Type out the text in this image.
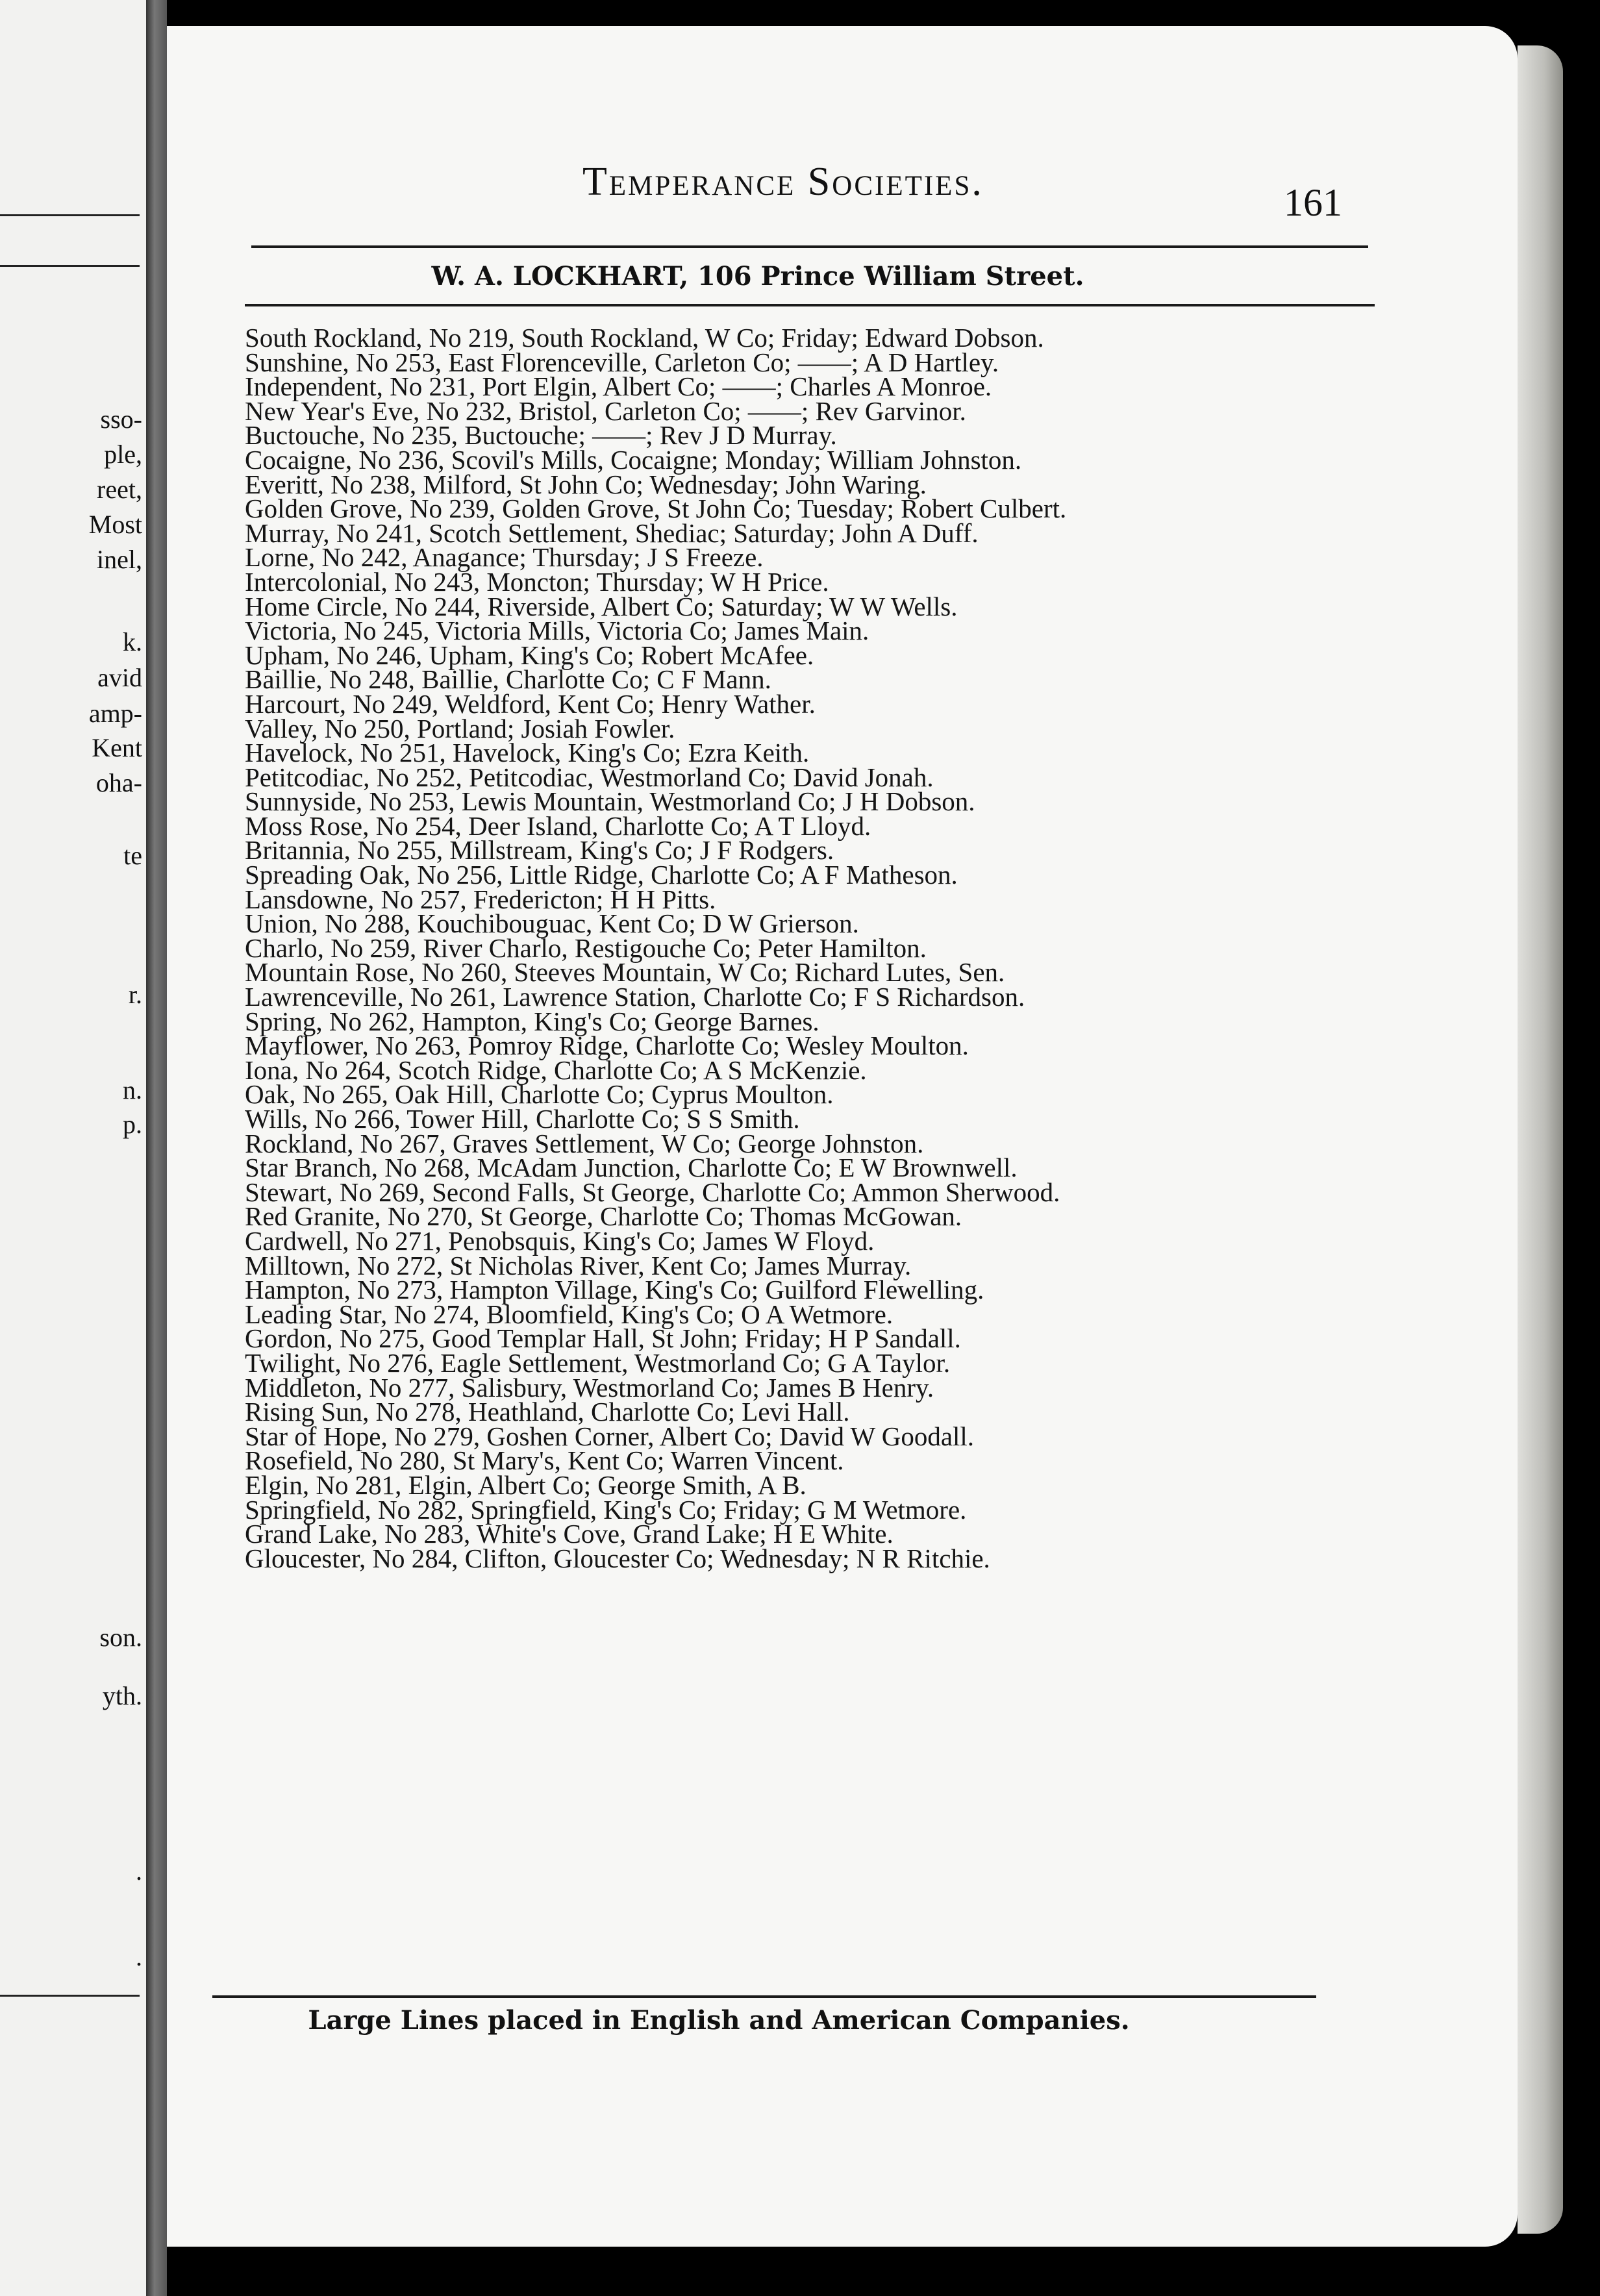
sso-
ple,
reet,
Most
inel,
k.
avid
amp-
Kent
oha-
te
r.
n.
p.
son.
yth.
.
.
Temperance Societies.	161
W. A. LOCKHART, 106 Prince William Street.
South Rockland, No 219, South Rockland, W Co; Friday; Edward Dobson.
Sunshine, No 253, East Florenceville, Carleton Co; ——; A D Hartley.
Independent, No 231, Port Elgin, Albert Co; ——; Charles A Monroe.
New Year's Eve, No 232, Bristol, Carleton Co; ——; Rev Garvinor.
Buctouche, No 235, Buctouche; ——; Rev J D Murray.
Cocaigne, No 236, Scovil's Mills, Cocaigne; Monday; William Johnston.
Everitt, No 238, Milford, St John Co; Wednesday; John Waring.
Golden Grove, No 239, Golden Grove, St John Co; Tuesday; Robert Culbert.
Murray, No 241, Scotch Settlement, Shediac; Saturday; John A Duff.
Lorne, No 242, Anagance; Thursday; J S Freeze.
Intercolonial, No 243, Moncton; Thursday; W H Price.
Home Circle, No 244, Riverside, Albert Co; Saturday; W W Wells.
Victoria, No 245, Victoria Mills, Victoria Co; James Main.
Upham, No 246, Upham, King's Co; Robert McAfee.
Baillie, No 248, Baillie, Charlotte Co; C F Mann.
Harcourt, No 249, Weldford, Kent Co; Henry Wather.
Valley, No 250, Portland; Josiah Fowler.
Havelock, No 251, Havelock, King's Co; Ezra Keith.
Petitcodiac, No 252, Petitcodiac, Westmorland Co; David Jonah.
Sunnyside, No 253, Lewis Mountain, Westmorland Co; J H Dobson.
Moss Rose, No 254, Deer Island, Charlotte Co; A T Lloyd.
Britannia, No 255, Millstream, King's Co; J F Rodgers.
Spreading Oak, No 256, Little Ridge, Charlotte Co; A F Matheson.
Lansdowne, No 257, Fredericton; H H Pitts.
Union, No 288, Kouchibouguac, Kent Co; D W Grierson.
Charlo, No 259, River Charlo, Restigouche Co; Peter Hamilton.
Mountain Rose, No 260, Steeves Mountain, W Co; Richard Lutes, Sen.
Lawrenceville, No 261, Lawrence Station, Charlotte Co; F S Richardson.
Spring, No 262, Hampton, King's Co; George Barnes.
Mayflower, No 263, Pomroy Ridge, Charlotte Co; Wesley Moulton.
Iona, No 264, Scotch Ridge, Charlotte Co; A S McKenzie.
Oak, No 265, Oak Hill, Charlotte Co; Cyprus Moulton.
Wills, No 266, Tower Hill, Charlotte Co; S S Smith.
Rockland, No 267, Graves Settlement, W Co; George Johnston.
Star Branch, No 268, McAdam Junction, Charlotte Co; E W Brownwell.
Stewart, No 269, Second Falls, St George, Charlotte Co; Ammon Sherwood.
Red Granite, No 270, St George, Charlotte Co; Thomas McGowan.
Cardwell, No 271, Penobsquis, King's Co; James W Floyd.
Milltown, No 272, St Nicholas River, Kent Co; James Murray.
Hampton, No 273, Hampton Village, King's Co; Guilford Flewelling.
Leading Star, No 274, Bloomfield, King's Co; O A Wetmore.
Gordon, No 275, Good Templar Hall, St John; Friday; H P Sandall.
Twilight, No 276, Eagle Settlement, Westmorland Co; G A Taylor.
Middleton, No 277, Salisbury, Westmorland Co; James B Henry.
Rising Sun, No 278, Heathland, Charlotte Co; Levi Hall.
Star of Hope, No 279, Goshen Corner, Albert Co; David W Goodall.
Rosefield, No 280, St Mary's, Kent Co; Warren Vincent.
Elgin, No 281, Elgin, Albert Co; George Smith, A B.
Springfield, No 282, Springfield, King's Co; Friday; G M Wetmore.
Grand Lake, No 283, White's Cove, Grand Lake; H E White.
Gloucester, No 284, Clifton, Gloucester Co; Wednesday; N R Ritchie.
Large Lines placed in English and American Companies.
